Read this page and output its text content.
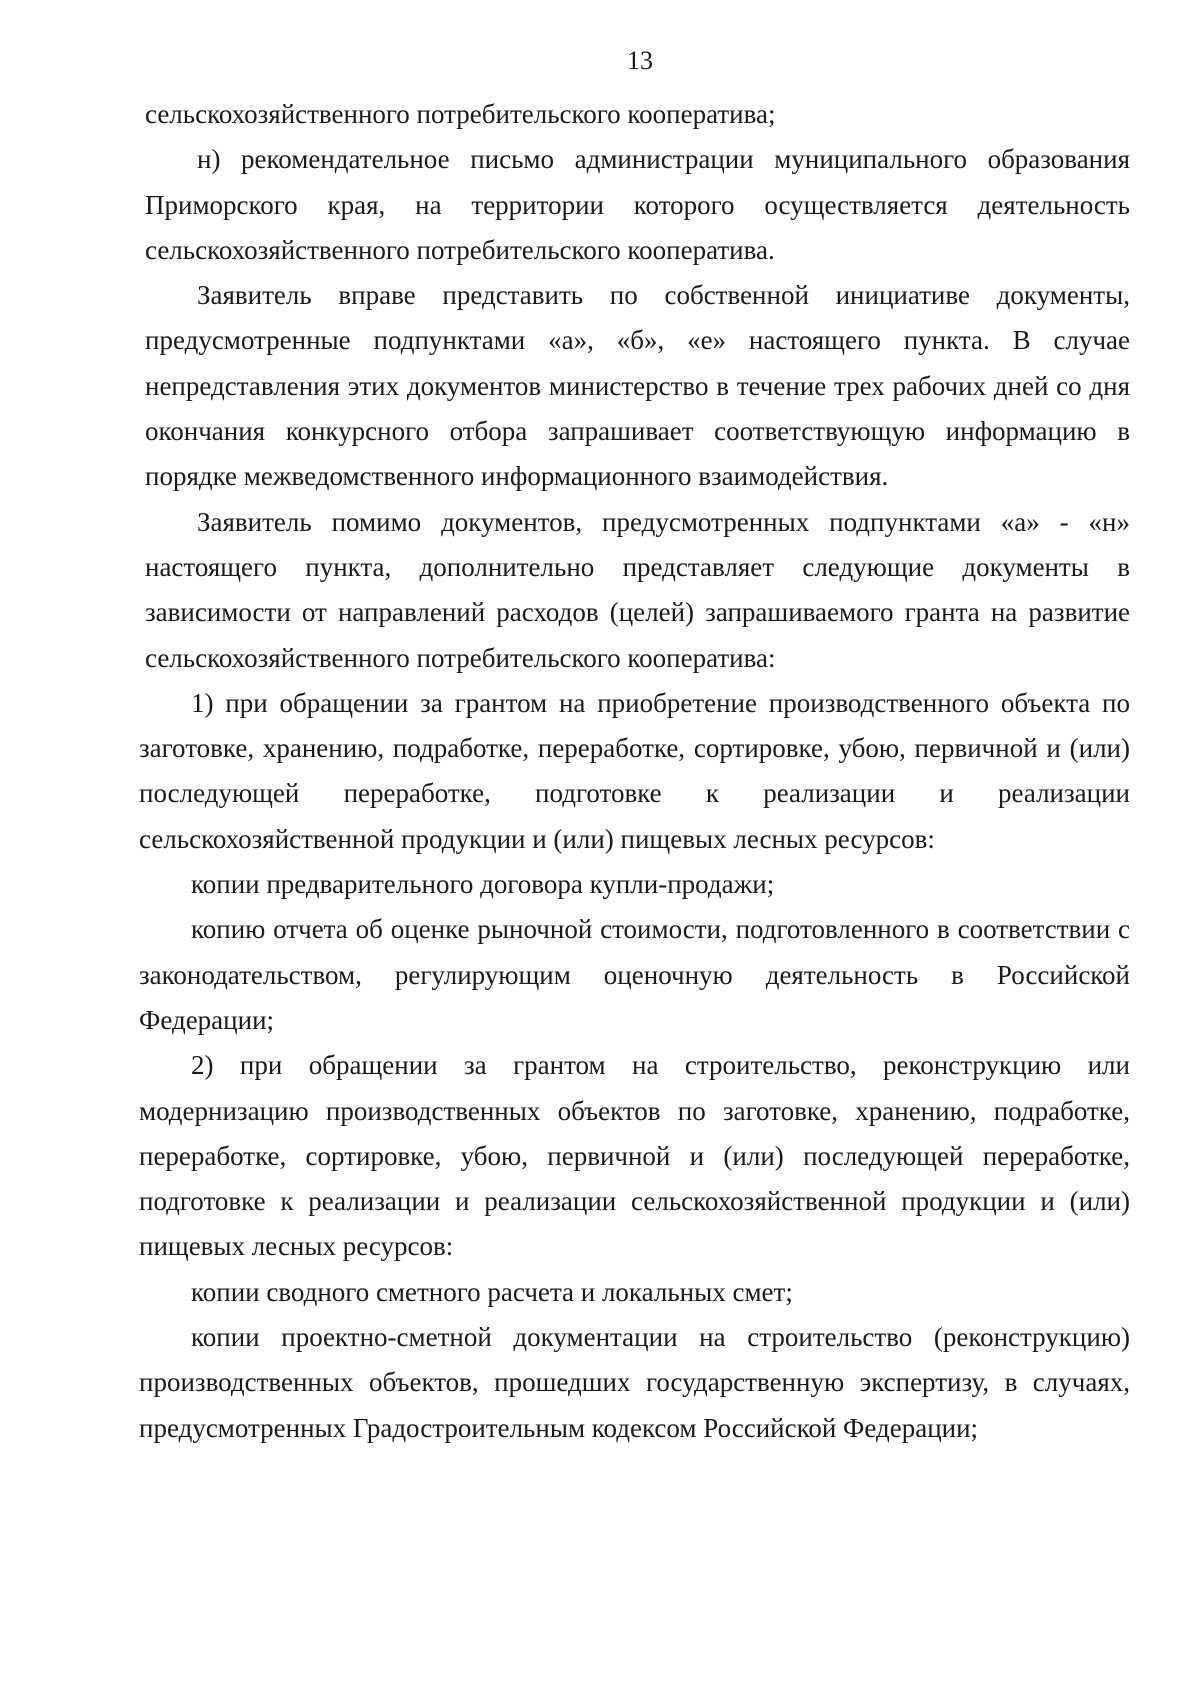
13

сельскохозяйственного потребительского кооператива;

н) рекомендательное письмо администрации муниципального образования Приморского края, на территории которого осуществляется деятельность сельскохозяйственного потребительского кооператива.

Заявитель вправе представить по собственной инициативе документы, предусмотренные подпунктами «а», «б», «е» настоящего пункта. В случае непредставления этих документов министерство в течение трех рабочих дней со дня окончания конкурсного отбора запрашивает соответствующую информацию в порядке межведомственного информационного взаимодействия.

Заявитель помимо документов, предусмотренных подпунктами «а» - «н» настоящего пункта, дополнительно представляет следующие документы в зависимости от направлений расходов (целей) запрашиваемого гранта на развитие сельскохозяйственного потребительского кооператива:

1) при обращении за грантом на приобретение производственного объекта по заготовке, хранению, подработке, переработке, сортировке, убою, первичной и (или) последующей переработке, подготовке к реализации и реализации сельскохозяйственной продукции и (или) пищевых лесных ресурсов:

копии предварительного договора купли-продажи;

копию отчета об оценке рыночной стоимости, подготовленного в соответствии с законодательством, регулирующим оценочную деятельность в Российской Федерации;

2) при обращении за грантом на строительство, реконструкцию или модернизацию производственных объектов по заготовке, хранению, подработке, переработке, сортировке, убою, первичной и (или) последующей переработке, подготовке к реализации и реализации сельскохозяйственной продукции и (или) пищевых лесных ресурсов:

копии сводного сметного расчета и локальных смет;

копии проектно-сметной документации на строительство (реконструкцию) производственных объектов, прошедших государственную экспертизу, в случаях, предусмотренных Градостроительным кодексом Российской Федерации;
